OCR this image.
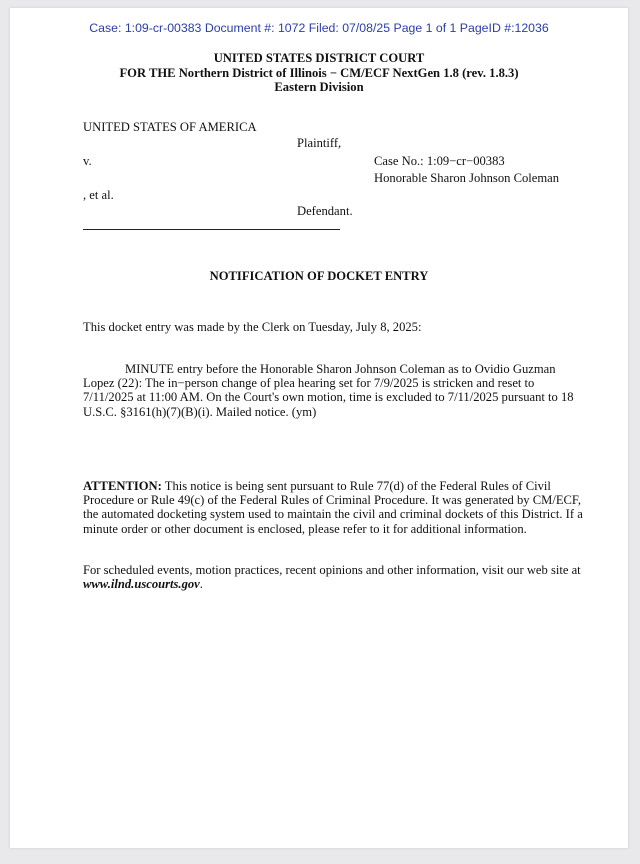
Case: 1:09-cr-00383 Document #: 1072 Filed: 07/08/25 Page 1 of 1 PageID #:12036
UNITED STATES DISTRICT COURT
FOR THE Northern District of Illinois − CM/ECF NextGen 1.8 (rev. 1.8.3)
Eastern Division
UNITED STATES OF AMERICA
Plaintiff,
v.	Case No.: 1:09−cr−00383
Honorable Sharon Johnson Coleman
, et al.
Defendant.
NOTIFICATION OF DOCKET ENTRY
This docket entry was made by the Clerk on Tuesday, July 8, 2025:
MINUTE entry before the Honorable Sharon Johnson Coleman as to Ovidio Guzman Lopez (22): The in−person change of plea hearing set for 7/9/2025 is stricken and reset to 7/11/2025 at 11:00 AM. On the Court's own motion, time is excluded to 7/11/2025 pursuant to 18 U.S.C. §3161(h)(7)(B)(i). Mailed notice. (ym)
ATTENTION: This notice is being sent pursuant to Rule 77(d) of the Federal Rules of Civil Procedure or Rule 49(c) of the Federal Rules of Criminal Procedure. It was generated by CM/ECF, the automated docketing system used to maintain the civil and criminal dockets of this District. If a minute order or other document is enclosed, please refer to it for additional information.
For scheduled events, motion practices, recent opinions and other information, visit our web site at www.ilnd.uscourts.gov.
